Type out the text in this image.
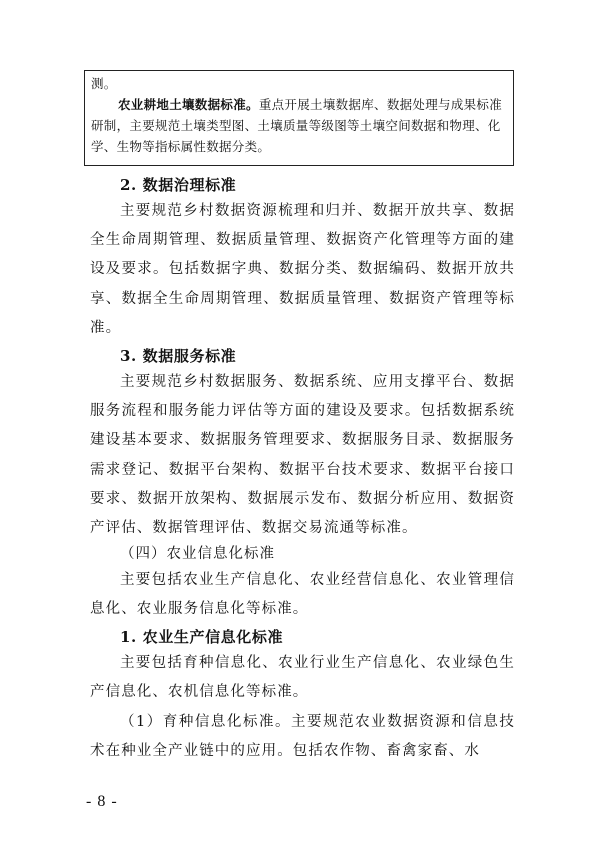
测。

农业耕地土壤数据标准。重点开展土壤数据库、数据处理与成果标准研制，主要规范土壤类型图、土壤质量等级图等土壤空间数据和物理、化学、生物等指标属性数据分类。

2. 数据治理标准

主要规范乡村数据资源梳理和归并、数据开放共享、数据全生命周期管理、数据质量管理、数据资产化管理等方面的建设及要求。包括数据字典、数据分类、数据编码、数据开放共享、数据全生命周期管理、数据质量管理、数据资产管理等标准。

3. 数据服务标准

主要规范乡村数据服务、数据系统、应用支撑平台、数据服务流程和服务能力评估等方面的建设及要求。包括数据系统建设基本要求、数据服务管理要求、数据服务目录、数据服务需求登记、数据平台架构、数据平台技术要求、数据平台接口要求、数据开放架构、数据展示发布、数据分析应用、数据资产评估、数据管理评估、数据交易流通等标准。

（四）农业信息化标准

主要包括农业生产信息化、农业经营信息化、农业管理信息化、农业服务信息化等标准。

1. 农业生产信息化标准

主要包括育种信息化、农业行业生产信息化、农业绿色生产信息化、农机信息化等标准。

（1）育种信息化标准。主要规范农业数据资源和信息技术在种业全产业链中的应用。包括农作物、畜禽家畜、水

- 8 -
